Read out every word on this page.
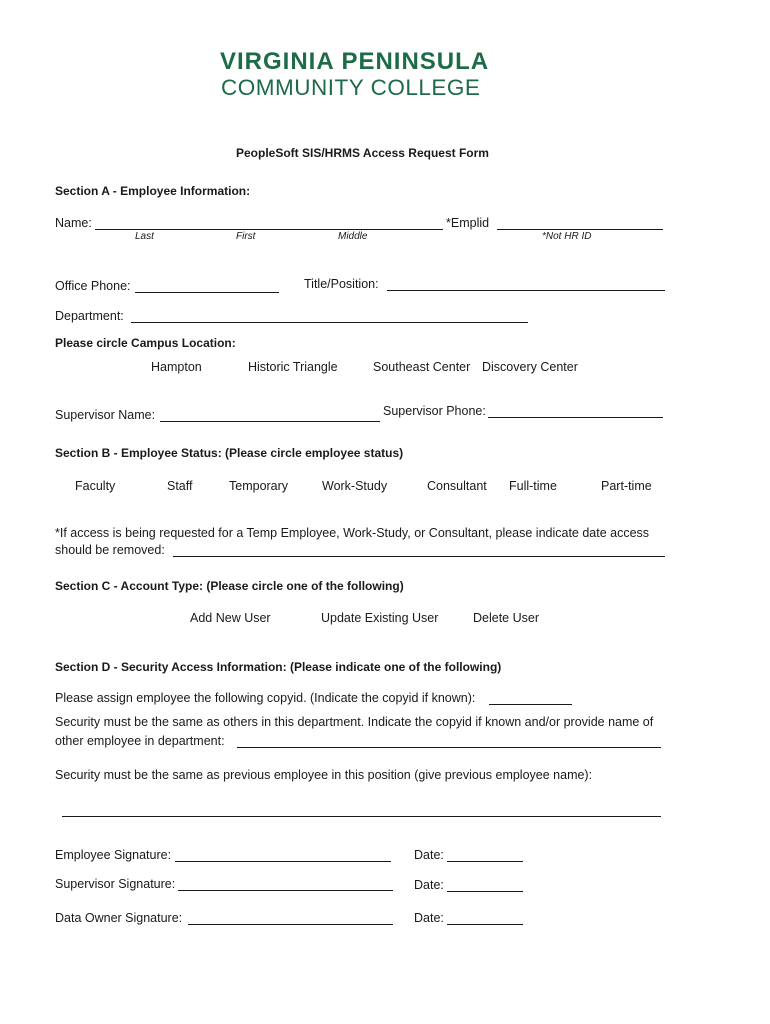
VIRGINIA PENINSULA
COMMUNITY COLLEGE
PeopleSoft SIS/HRMS Access Request Form
Section A - Employee Information:
Name:	*Emplid
Last	First	Middle	*Not HR ID
Office Phone:	Title/Position:
Department:
Please circle Campus Location:
Hampton	Historic Triangle	Southeast Center Discovery Center
Supervisor Name:	Supervisor Phone:
Section B - Employee Status: (Please circle employee status)
Faculty	Staff	Temporary	Work-Study	Consultant Full-time	Part-time
*If access is being requested for a Temp Employee, Work-Study, or Consultant, please indicate date access
should be removed:
Section C - Account Type: (Please circle one of the following)
Add New User	Update Existing User	Delete User
Section D - Security Access Information: (Please indicate one of the following)
Please assign employee the following copyid. (Indicate the copyid if known):
Security must be the same as others in this department. Indicate the copyid if known and/or provide name of
other employee in department:
Security must be the same as previous employee in this position (give previous employee name):
Employee Signature:	Date:
Supervisor Signature:	Date:
Data Owner Signature:	Date:
